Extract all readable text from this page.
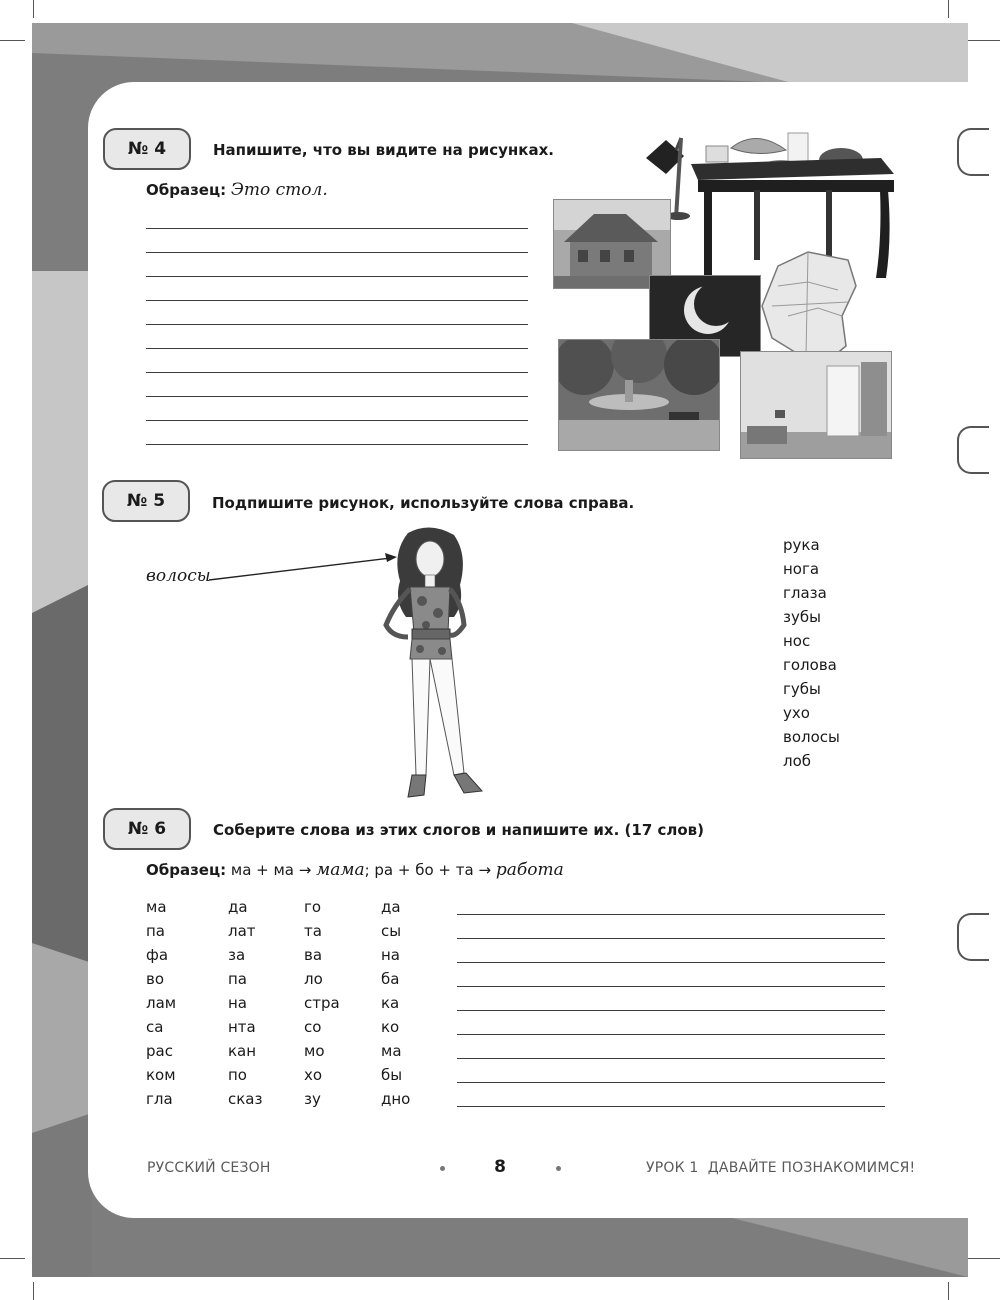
№ 4	Напишите, что вы видите на рисунках.
Образец: Это стол.
№ 5	Подпишите рисунок, используйте слова справа.
волосы
рука
нога
глаза
зубы
нос
голова
губы
ухо
волосы
лоб
№ 6	Соберите слова из этих слогов и напишите их. (17 слов)
Образец: ма + ма → мама; ра + бо + та → работа
ма	да	го	да
па	лат	та	сы
фа	за	ва	на
во	па	ло	ба
лам	на	стра	ка
са	нта	со	ко
рас	кан	мо	ма
ком	по	хо	бы
гла	сказ	зу	дно
РУССКИЙ СЕЗОН	8	УРОК 1  ДАВАЙТЕ ПОЗНАКОМИМСЯ!
